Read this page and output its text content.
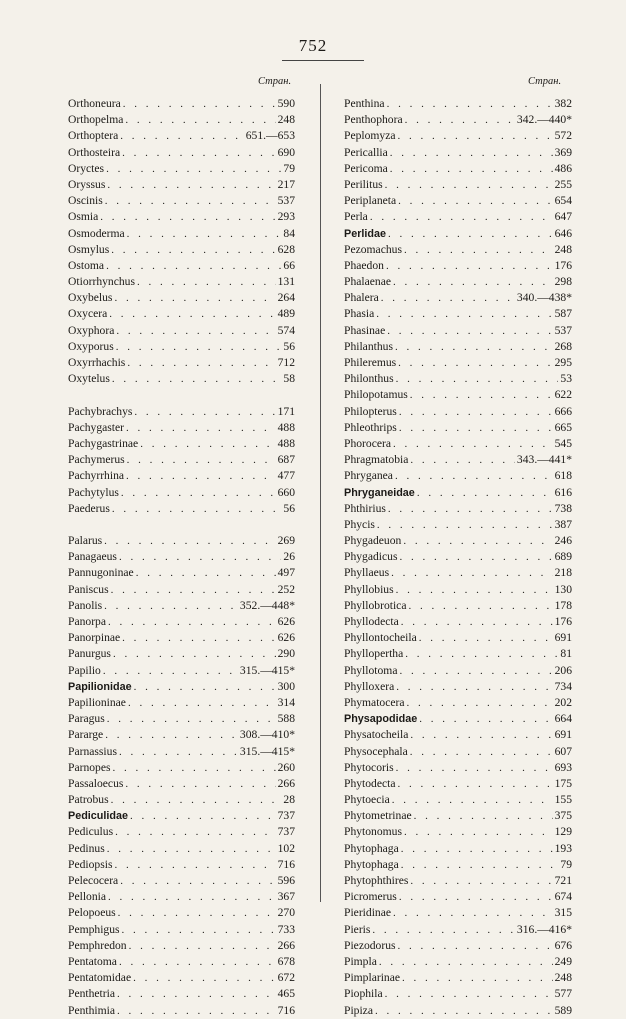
752
Стран.	Стран.
Orthoneura . . .	590
Orthopelma . . .	248
Orthoptera . . .	651.—653
Orthosteira . . .	690
Oryctes . . .	79
Oryssus . . .	217
Oscinis . . .	537
Osmia . . .	293
Osmoderma . . .	84
Osmylus . . .	628
Ostoma . . .	66
Otiorrhynchus . . .	131
Oxybelus . . .	264
Oxycera . . .	489
Oxyphora . . .	574
Oxyporus . . .	56
Oxyrrhachis . . .	712
Oxytelus . . .	58
Pachybrachys . . .	171
Pachygaster . . .	488
Pachygastrinae . . .	488
Pachymerus . . .	687
Pachyrrhina . . .	477
Pachytylus . . .	660
Paederus . . .	56
Palarus . . .	269
Panagaeus . . .	26
Pannugoninae . . .	497
Paniscus . . .	252
Panolis . . .	352.—448*
Panorpa . . .	626
Panorpinae . . .	626
Panurgus . . .	290
Papilio . . .	315.—415*
Papilionidae . . .	300
Papilioninae . . .	314
Paragus . . .	588
Pararge . . .	308.—410*
Parnassius . . .	315.—415*
Parnopes . . .	260
Passaloecus . . .	266
Patrobus . . .	28
Pediculidae . . .	737
Pediculus . . .	737
Pedinus . . .	102
Pediopsis . . .	716
Pelecocera . . .	596
Pellonia . . .	367
Pelopoeus . . .	270
Pemphigus . . .	733
Pemphredon . . .	266
Pentatoma . . .	678
Pentatomidae . . .	672
Penthetria . . .	465
Penthimia . . .	716
Penthina . . .	382
Penthophora . . .	342.—440*
Peplomyza . . .	572
Pericallia . . .	369
Pericoma . . .	486
Perilitus . . .	255
Periplaneta . . .	654
Perla . . .	647
Perlidae . . .	646
Pezomachus . . .	248
Phaedon . . .	176
Phalaenae . . .	298
Phalera . . .	340.—438*
Phasia . . .	587
Phasinae . . .	537
Philanthus . . .	268
Phileremus . . .	295
Philonthus . . .	53
Philopotamus . . .	622
Philopterus . . .	666
Phleothrips . . .	665
Phorocera . . .	545
Phragmatobia . . .	343.—441*
Phryganea . . .	618
Phryganeidae . . .	616
Phthirius . . .	738
Phycis . . .	387
Phygadeuon . . .	246
Phygadicus . . .	689
Phyllaeus . . .	218
Phyllobius . . .	130
Phyllobrotica . . .	178
Phyllodecta . . .	176
Phyllontocheila . . .	691
Phyllopertha . . .	81
Phyllotoma . . .	206
Phylloxera . . .	734
Phymatocera . . .	202
Physapodidae . . .	664
Physatocheila . . .	691
Physocephala . . .	607
Phytocoris . . .	693
Phytodecta . . .	175
Phytoecia . . .	155
Phytometrinae . . .	375
Phytonomus . . .	129
Phytophaga . . .	193
Phytophaga . . .	79
Phytophthires . . .	721
Picromerus . . .	674
Pieridinae . . .	315
Pieris . . .	316.—416*
Piezodorus . . .	676
Pimpla . . .	249
Pimplarinae . . .	248
Piophila . . .	577
Pipiza . . .	589
